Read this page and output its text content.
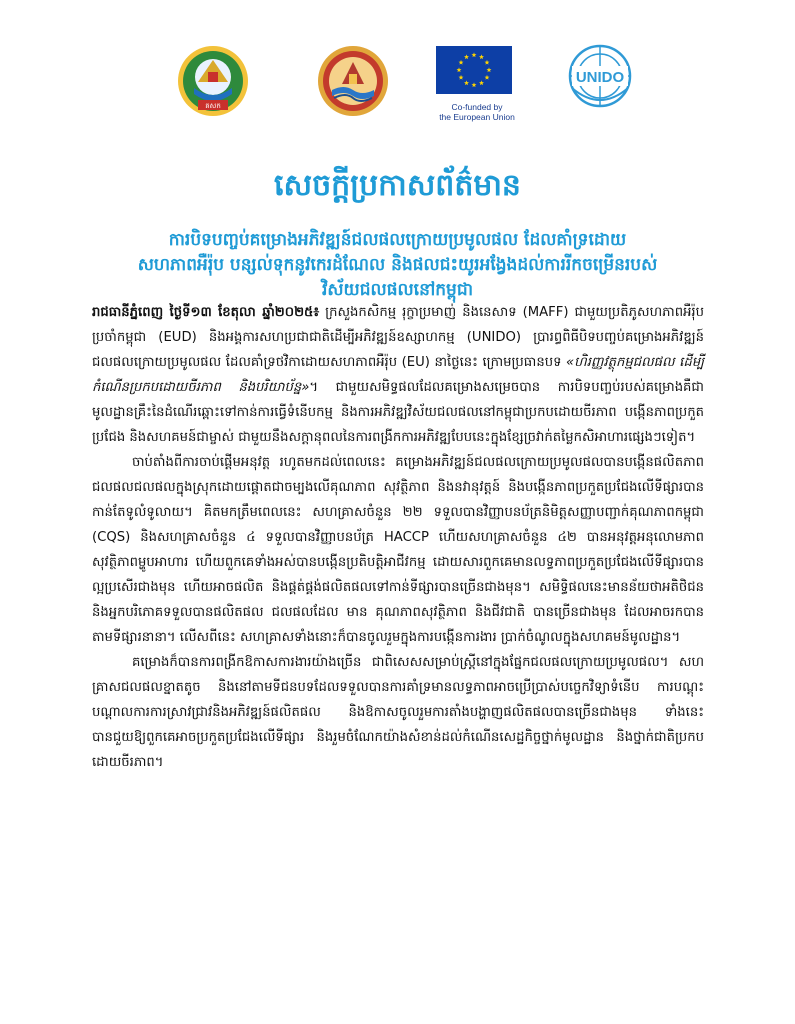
គសក	Co-funded by
the European Union
UNIDO
សេចក្តីប្រកាសព័ត៌មាន
ការបិទបញ្ចប់គម្រោងអភិវឌ្ឍន៍ជលផលក្រោយប្រមូលផល ដែលគាំទ្រដោយ
សហភាពអឺរ៉ុប បន្សល់ទុកនូវកេរដំណែល និងផលជះយូរអង្វែងដល់ការរីកចម្រើនរបស់
វិស័យជលផលនៅកម្ពុជា

រាជធានីភ្នំពេញ ថ្ងៃទី១៣ ខែតុលា ឆ្នាំ២០២៥៖ ក្រសួងកសិកម្ម រុក្ខាប្រមាញ់ និងនេសាទ (MAFF) ជាមួយប្រតិភូសហភាពអឺរ៉ុបប្រចាំកម្ពុជា (EUD) និងអង្គការសហប្រជាជាតិដើម្បីអភិវឌ្ឍន៍ឧស្សាហកម្ម (UNIDO) ប្រារព្ធពិធីបិទបញ្ចប់គម្រោងអភិវឌ្ឍន៍ជលផលក្រោយប្រមូលផល ដែលគាំទ្រថវិកាដោយសហភាពអឺរ៉ុប (EU) នាថ្ងៃនេះ ក្រោមប្រធានបទ «ហិរញ្ញវត្ថុកម្មជលផល ដើម្បីកំណើនប្រកបដោយចីរភាព និងបរិយាប័ន្ន»។ ជាមួយសមិទ្ធផលដែលគម្រោងសម្រេចបាន ការបិទបញ្ចប់របស់គម្រោងគឺជាមូលដ្ឋានគ្រឹះនៃដំណើរឆ្ពោះទៅកាន់ការធ្វើទំនើបកម្ម និងការអភិវឌ្ឍវិស័យជលផលនៅកម្ពុជាប្រកបដោយចីរភាព បង្កើនភាពប្រកួតប្រជែង និងសហគមន៍ជាម្ចាស់ ជាមួយនឹងសក្តានុពលនៃការពង្រីកការអភិវឌ្ឍបែបនេះក្នុងខ្សែច្រវាក់តម្លៃកសិអាហារផ្សេងៗទៀត។

ចាប់តាំងពីការចាប់ផ្តើមអនុវត្ត រហូតមកដល់ពេលនេះ គម្រោងអភិវឌ្ឍន៍ជលផលក្រោយប្រមូលផលបានបង្កើនផលិតភាពជលផលជលផលក្នុងស្រុកដោយផ្តោតជាចម្បងលើគុណភាព សុវត្ថិភាព និងនវានុវត្តន៍ និងបង្កើនភាពប្រកួតប្រជែងលើទីផ្សារបានកាន់តែទូលំទូលាយ។ គិតមកត្រឹមពេលនេះ សហគ្រាសចំនួន ២២ ទទួលបានវិញ្ញាបនប័ត្រនិមិត្តសញ្ញាបញ្ជាក់គុណភាពកម្ពុជា (CQS) និងសហគ្រាសចំនួន ៤ ទទួលបានវិញ្ញាបនប័ត្រ HACCP ហើយសហគ្រាសចំនួន ៤២ បានអនុវត្តអនុលោមភាពសុវត្ថិភាពម្ហូបអាហារ ហើយពួកគេទាំងអស់បានបង្កើនប្រតិបត្តិអាជីវកម្ម ដោយសារពួកគេមានលទ្ធភាពប្រកួតប្រជែងលើទីផ្សារបានល្អប្រសើរជាងមុន ហើយអាចផលិត និងផ្គត់ផ្គង់ផលិតផលទៅកាន់ទីផ្សារបានច្រើនជាងមុន។ សមិទ្ធិផលនេះមានន័យថាអតិថិជន និងអ្នកបរិភោគទទួលបានផលិតផល ជលផលដែល មាន គុណភាពសុវត្ថិភាព និងជីវជាតិ បានច្រើនជាងមុន ដែលអាចរកបានតាមទីផ្សារនានា។ លើសពីនេះ សហគ្រាសទាំងនោះក៏បានចូលរួមក្នុងការបង្កើនការងារ ប្រាក់ចំណូលក្នុងសហគមន៍មូលដ្ឋាន។

គម្រោងក៏បានការពង្រីកឱកាសការងារយ៉ាងច្រើន ជាពិសេសសម្រាប់ស្ត្រីនៅក្នុងផ្នែកជលផលក្រោយប្រមូលផល។ សហគ្រាសជលផលខ្នាតតូច និងនៅតាមទីជនបទដែលទទួលបានការគាំទ្រមានលទ្ធភាពអាចប្រើប្រាស់បច្ចេកវិទ្យាទំនើប ការបណ្តុះបណ្តាលការការស្រាវជ្រាវនិងអភិវឌ្ឍន៍ផលិតផល និងឱកាសចូលរួមការតាំងបង្ហាញផលិតផលបានច្រើនជាងមុន ទាំងនេះបានជួយឱ្យពួកគេអាចប្រកួតប្រជែងលើទីផ្សារ និងរួមចំណែកយ៉ាងសំខាន់ដល់កំណើនសេដ្ឋកិច្ចថ្នាក់មូលដ្ឋាន និងថ្នាក់ជាតិប្រកបដោយចីរភាព។
